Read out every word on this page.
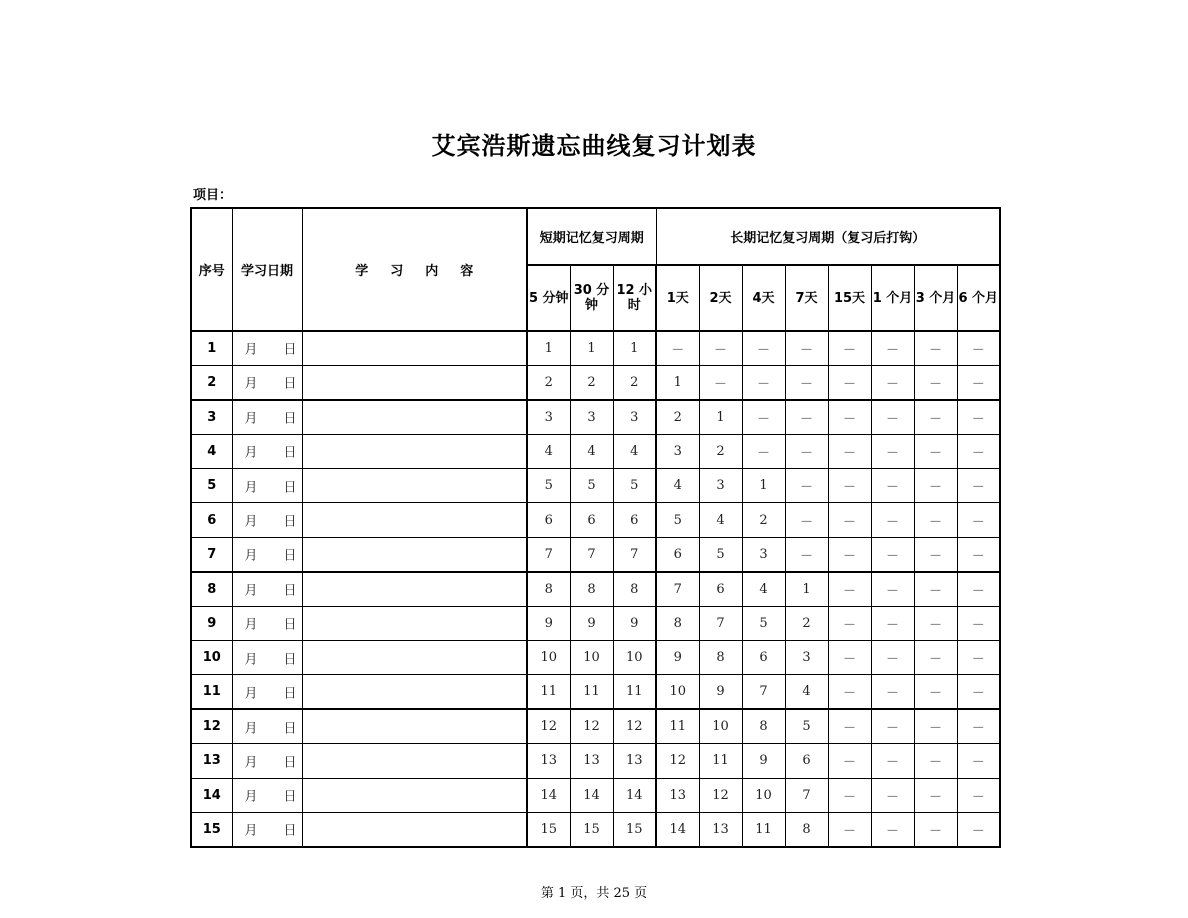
艾宾浩斯遗忘曲线复习计划表
项目：
序号	学习日期	学习内容	短期记忆复习周期			长期记忆复习周期（复习后打钩）							
			5 分钟	30 分钟	12 小时	1天	2天	4天	7天	15天	1 个月	3 个月	6 个月
1	月 日		1	1	1	－	－	－	－	－	－	－	－
2	月 日		2	2	2	1	－	－	－	－	－	－	－
3	月 日		3	3	3	2	1	－	－	－	－	－	－
4	月 日		4	4	4	3	2	－	－	－	－	－	－
5	月 日		5	5	5	4	3	1	－	－	－	－	－
6	月 日		6	6	6	5	4	2	－	－	－	－	－
7	月 日		7	7	7	6	5	3	－	－	－	－	－
8	月 日		8	8	8	7	6	4	1	－	－	－	－
9	月 日		9	9	9	8	7	5	2	－	－	－	－
10	月 日		10	10	10	9	8	6	3	－	－	－	－
11	月 日		11	11	11	10	9	7	4	－	－	－	－
12	月 日		12	12	12	11	10	8	5	－	－	－	－
13	月 日		13	13	13	12	11	9	6	－	－	－	－
14	月 日		14	14	14	13	12	10	7	－	－	－	－
15	月 日		15	15	15	14	13	11	8	－	－	－	－
第 1 页，共 25 页
